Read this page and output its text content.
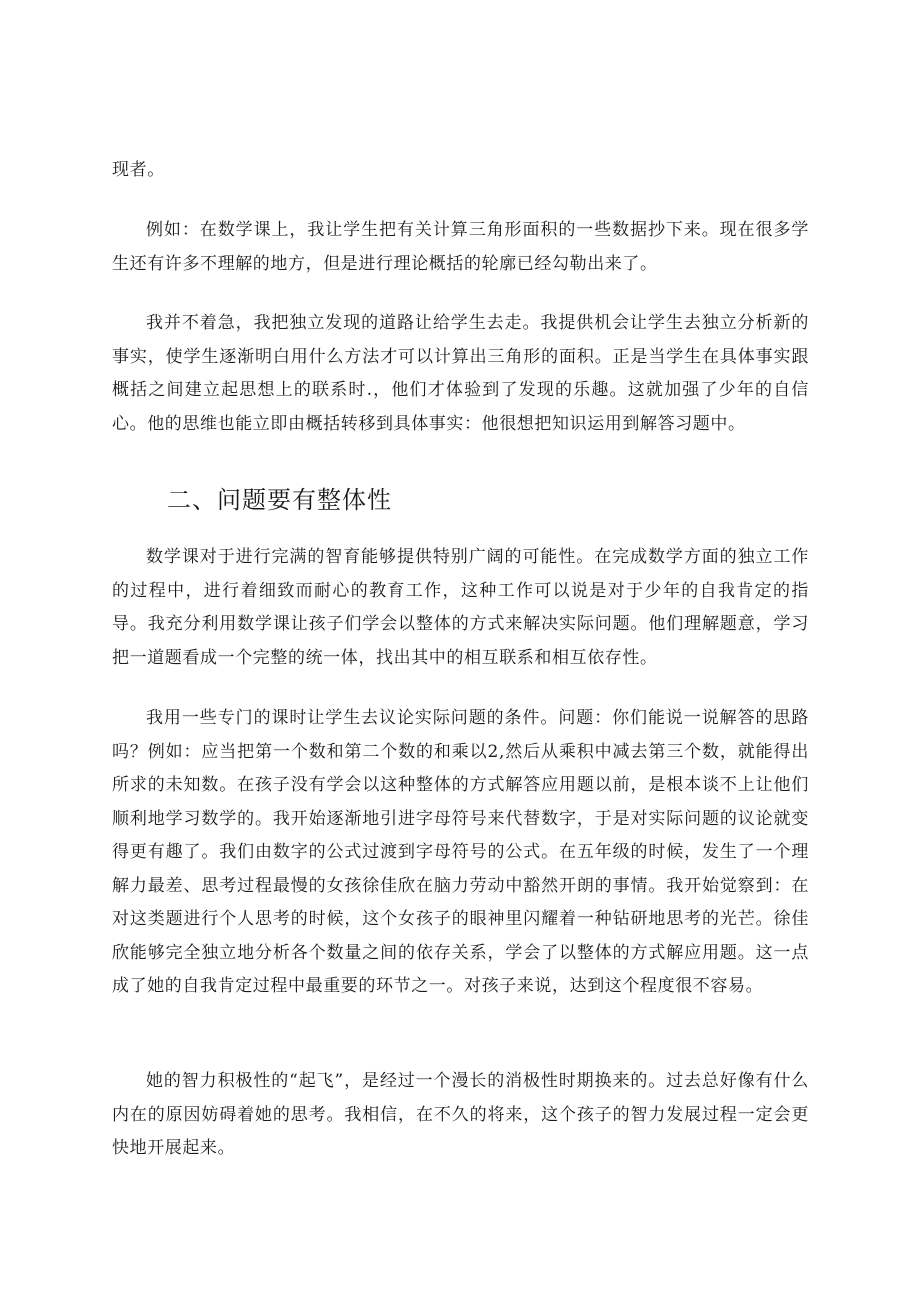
现者。

例如：在数学课上，我让学生把有关计算三角形面积的一些数据抄下来。现在很多学生还有许多不理解的地方，但是进行理论概括的轮廓已经勾勒出来了。

我并不着急，我把独立发现的道路让给学生去走。我提供机会让学生去独立分析新的事实，使学生逐渐明白用什么方法才可以计算出三角形的面积。正是当学生在具体事实跟概括之间建立起思想上的联系时.，他们才体验到了发现的乐趣。这就加强了少年的自信心。他的思维也能立即由概括转移到具体事实：他很想把知识运用到解答习题中。

二、问题要有整体性

数学课对于进行完满的智育能够提供特别广阔的可能性。在完成数学方面的独立工作的过程中，进行着细致而耐心的教育工作，这种工作可以说是对于少年的自我肯定的指导。我充分利用数学课让孩子们学会以整体的方式来解决实际问题。他们理解题意，学习把一道题看成一个完整的统一体，找出其中的相互联系和相互依存性。

我用一些专门的课时让学生去议论实际问题的条件。问题：你们能说一说解答的思路吗？例如：应当把第一个数和第二个数的和乘以2,然后从乘积中减去第三个数，就能得出所求的未知数。在孩子没有学会以这种整体的方式解答应用题以前，是根本谈不上让他们顺利地学习数学的。我开始逐渐地引进字母符号来代替数字，于是对实际问题的议论就变得更有趣了。我们由数字的公式过渡到字母符号的公式。在五年级的时候，发生了一个理解力最差、思考过程最慢的女孩徐佳欣在脑力劳动中豁然开朗的事情。我开始觉察到：在对这类题进行个人思考的时候，这个女孩子的眼神里闪耀着一种钻研地思考的光芒。徐佳欣能够完全独立地分析各个数量之间的依存关系，学会了以整体的方式解应用题。这一点成了她的自我肯定过程中最重要的环节之一。对孩子来说，达到这个程度很不容易。

她的智力积极性的“起飞”，是经过一个漫长的消极性时期换来的。过去总好像有什么内在的原因妨碍着她的思考。我相信，在不久的将来，这个孩子的智力发展过程一定会更快地开展起来。
